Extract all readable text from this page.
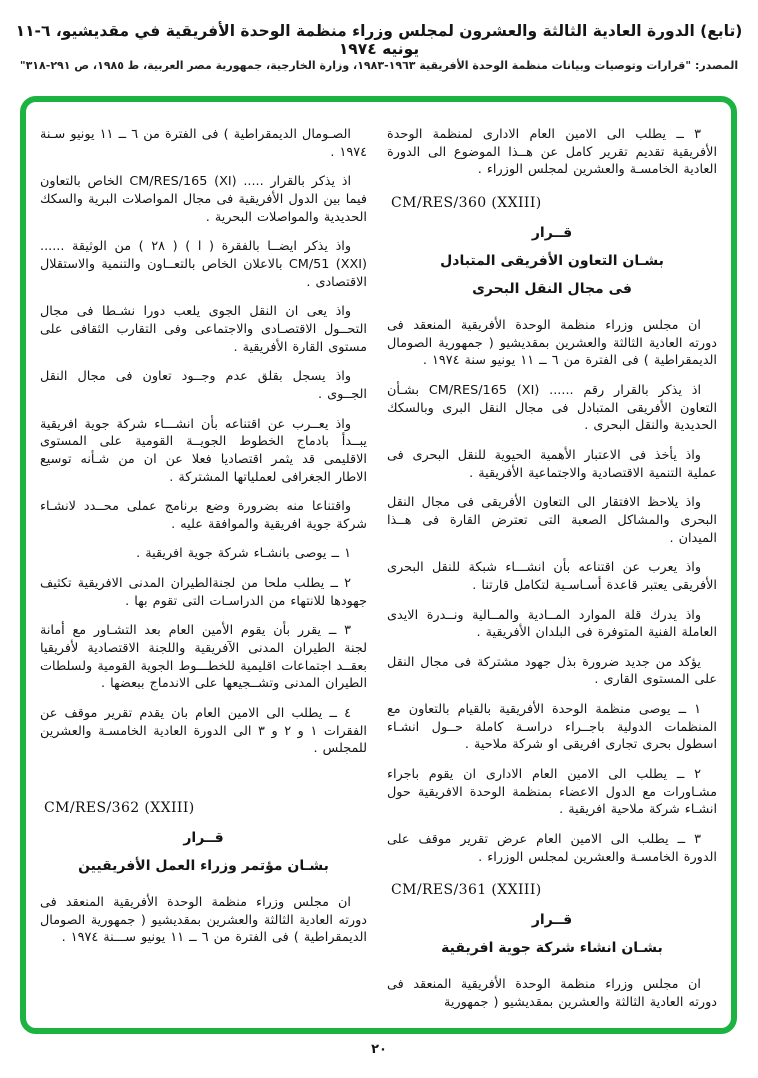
(تابع) الدورة العادية الثالثة والعشرون لمجلس وزراء منظمة الوحدة الأفريقية في مقديشيو، ٦-١١ يونيه ١٩٧٤
المصدر: "قرارات وتوصيات وبيانات منظمة الوحدة الأفريقية ١٩٦٣-١٩٨٣، وزارة الخارجية، جمهورية مصر العربية، ط ١٩٨٥، ص ٢٩١-٣١٨"
٣ ــ يطلب الى الامين العام الادارى لمنظمة الوحدة الأفريقية تقديم تقرير كامل عن هــذا الموضوع الى الدورة العادية الخامسـة والعشرين لمجلس الوزراء .
CM/RES/360 (XXIII)
قــرار
بشـان التعاون الأفريقى المتبادل
فى مجال النقل البحرى
ان مجلس وزراء منظمة الوحدة الأفريقية المنعقد فى دورته العادية الثالثة والعشرين بمقديشيو ( جمهورية الصومال الديمقراطية ) فى الفترة من ٦ ــ ١١ يونيو سنة ١٩٧٤ .
اذ يذكر بالقرار رقم ...... CM/RES/165 (XI) بشـأن التعاون الأفريقى المتبادل فى مجال النقل البرى وبالسكك الحديدية والنقل البحرى .
واذ يأخذ فى الاعتبار الأهمية الحيوية للنقل البحرى فى عملية التنمية الاقتصادية والاجتماعية الأفريقية .
واذ يلاحظ الافتقار الى التعاون الأفريقى فى مجال النقل البحرى والمشاكل الصعبة التى تعترض القارة فى هــذا الميدان .
واذ يعرب عن اقتناعه بأن انشـــاء شبكة للنقل البحرى الأفريقى يعتبر قاعدة أسـاسـية لتكامل قارتنا .
واذ يدرك قلة الموارد المــادية والمــالية ونــدرة الايدى العاملة الفنية المتوفرة فى البلدان الأفريقية .
يؤكد من جديد ضرورة بذل جهود مشتركة فى مجال النقل على المستوى القارى .
١ ــ يوصى منظمة الوحدة الأفريقية بالقيام بالتعاون مع المنظمات الدولية باجــراء دراسـة كاملة حــول انشـاء اسطول بحرى تجارى افريقى او شركة ملاحية .
٢ ــ يطلب الى الامين العام الادارى ان يقوم باجراء مشـاورات مع الدول الاعضاء بمنظمة الوحدة الافريقية حول انشـاء شركة ملاحية افريقية .
٣ ــ يطلب الى الامين العام عرض تقرير موقف على الدورة الخامسـة والعشرين لمجلس الوزراء .
CM/RES/361 (XXIII)
قــرار
بشـان انشاء شركة جوية افريقية
ان مجلس وزراء منظمة الوحدة الأفريقية المنعقد فى دورته العادية الثالثة والعشرين بمقديشيو ( جمهورية
الصـومال الديمقراطية ) فى الفترة من ٦ ــ ١١ يونيو سـنة ١٩٧٤ .
اذ يذكر بالقرار ..... CM/RES/165 (XI) الخاص بالتعاون فيما بين الدول الأفريقية فى مجال المواصلات البرية والسكك الحديدية والمواصلات البحرية .
واذ يذكر ايضــا بالفقرة ( ا ) ( ٢٨ ) من الوثيقة ...... CM/51 (XXI) بالاعلان الخاص بالتعــاون والتنمية والاستقلال الاقتصادى .
واذ يعى ان النقل الجوى يلعب دورا نشـطا فى مجال التحــول الاقتصـادى والاجتماعى وفى التقارب الثقافى على مستوى القارة الأفريقية .
واذ يسجل بقلق عدم وجــود تعاون فى مجال النقل الجــوى .
واذ يعــرب عن اقتناعه بأن انشـــاء شركة جوية افريقية يبــدأ بادماج الخطوط الجويــة القومية على المستوى الاقليمى قد يثمر اقتصاديا فعلا عن ان من شـأنه توسيع الاطار الجغرافى لعملياتها المشتركة .
واقتناعا منه بضرورة وضع برنامج عملى محــدد لانشـاء شركة جوية افريقية والموافقة عليه .
١ ــ يوصى بانشـاء شركة جوية افريقية .
٢ ــ يطلب ملحا من لجنةالطيران المدنى الافريقية تكثيف جهودها للانتهاء من الدراسـات التى تقوم بها .
٣ ــ يقرر بأن يقوم الأمين العام بعد التشـاور مع أمانة لجنة الطيران المدنى الآفريقية واللجنة الاقتصادية لأفريقيا بعقــد اجتماعات اقليمية للخطـــوط الجوية القومية ولسلطات الطيران المدنى وتشــجيعها على الاندماج ببعضها .
٤ ــ يطلب الى الامين العام بان يقدم تقرير موقف عن الفقرات ١ و ٢ و ٣ الى الدورة العادية الخامسـة والعشرين للمجلس .
CM/RES/362 (XXIII)
قــرار
بشـان مؤتمر وزراء العمل الأفريقيين
ان مجلس وزراء منظمة الوحدة الأفريقية المنعقد فى دورته العادية الثالثة والعشرين بمقديشيو ( جمهورية الصومال الديمقراطية ) فى الفترة من ٦ ــ ١١ يونيو ســـنة ١٩٧٤ .
٢٠
